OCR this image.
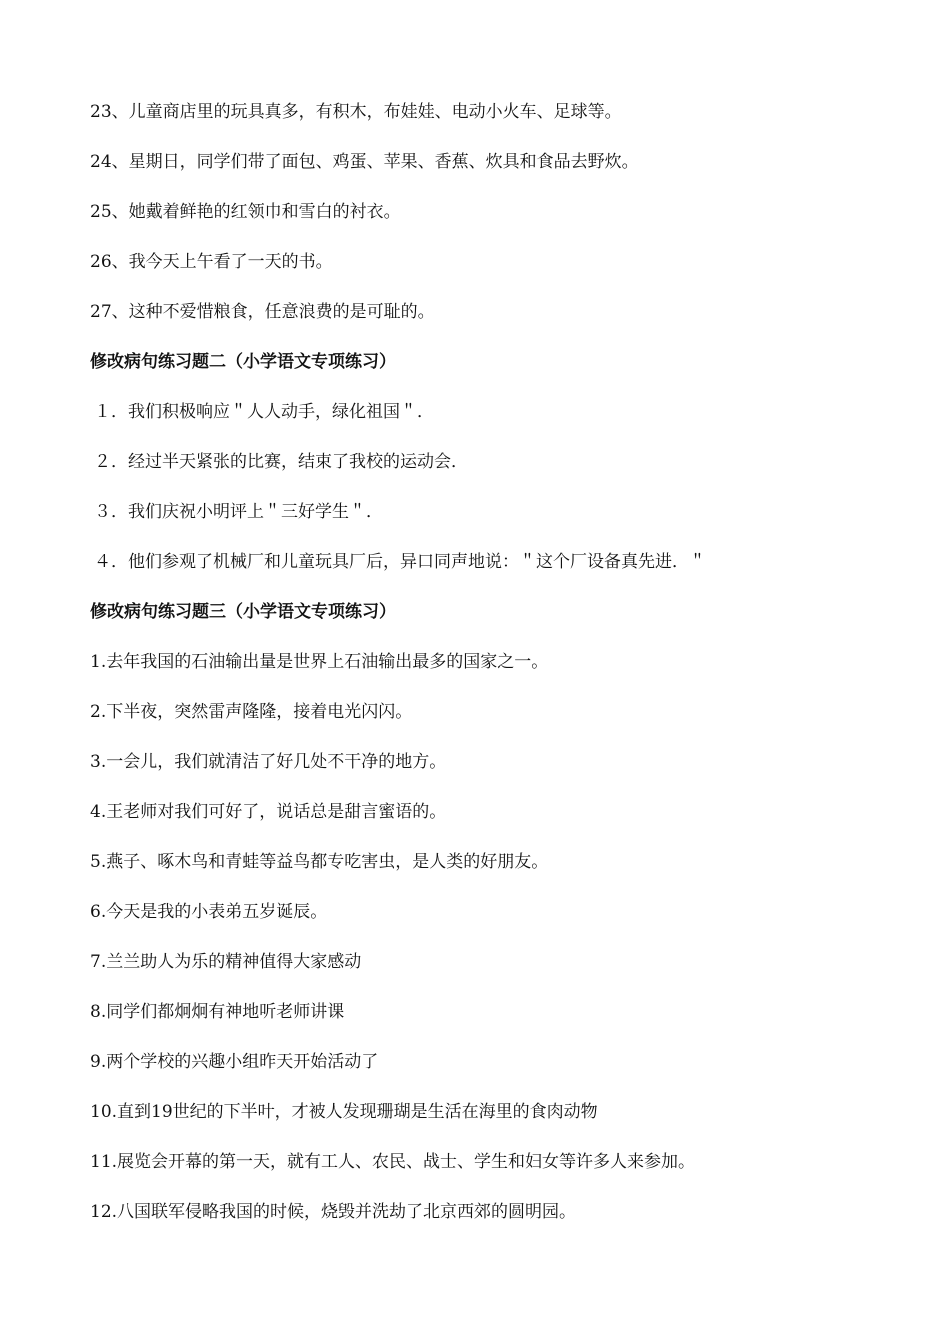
23、儿童商店里的玩具真多，有积木，布娃娃、电动小火车、足球等。
24、星期日，同学们带了面包、鸡蛋、苹果、香蕉、炊具和食品去野炊。
25、她戴着鲜艳的红领巾和雪白的衬衣。
26、我今天上午看了一天的书。
27、这种不爱惜粮食，任意浪费的是可耻的。
修改病句练习题二（小学语文专项练习）
１．我们积极响应＂人人动手，绿化祖国＂．
２．经过半天紧张的比赛，结束了我校的运动会．
３．我们庆祝小明评上＂三好学生＂．
４．他们参观了机械厂和儿童玩具厂后，异口同声地说：＂这个厂设备真先进．＂
修改病句练习题三（小学语文专项练习）
1.去年我国的石油输出量是世界上石油输出最多的国家之一。
2.下半夜，突然雷声隆隆，接着电光闪闪。
3.一会儿，我们就清洁了好几处不干净的地方。
4.王老师对我们可好了，说话总是甜言蜜语的。
5.燕子、啄木鸟和青蛙等益鸟都专吃害虫，是人类的好朋友。
6.今天是我的小表弟五岁诞辰。
7.兰兰助人为乐的精神值得大家感动
8.同学们都炯炯有神地听老师讲课
9.两个学校的兴趣小组昨天开始活动了
10.直到19世纪的下半叶，才被人发现珊瑚是生活在海里的食肉动物
11.展览会开幕的第一天，就有工人、农民、战士、学生和妇女等许多人来参加。
12.八国联军侵略我国的时候，烧毁并洗劫了北京西郊的圆明园。
